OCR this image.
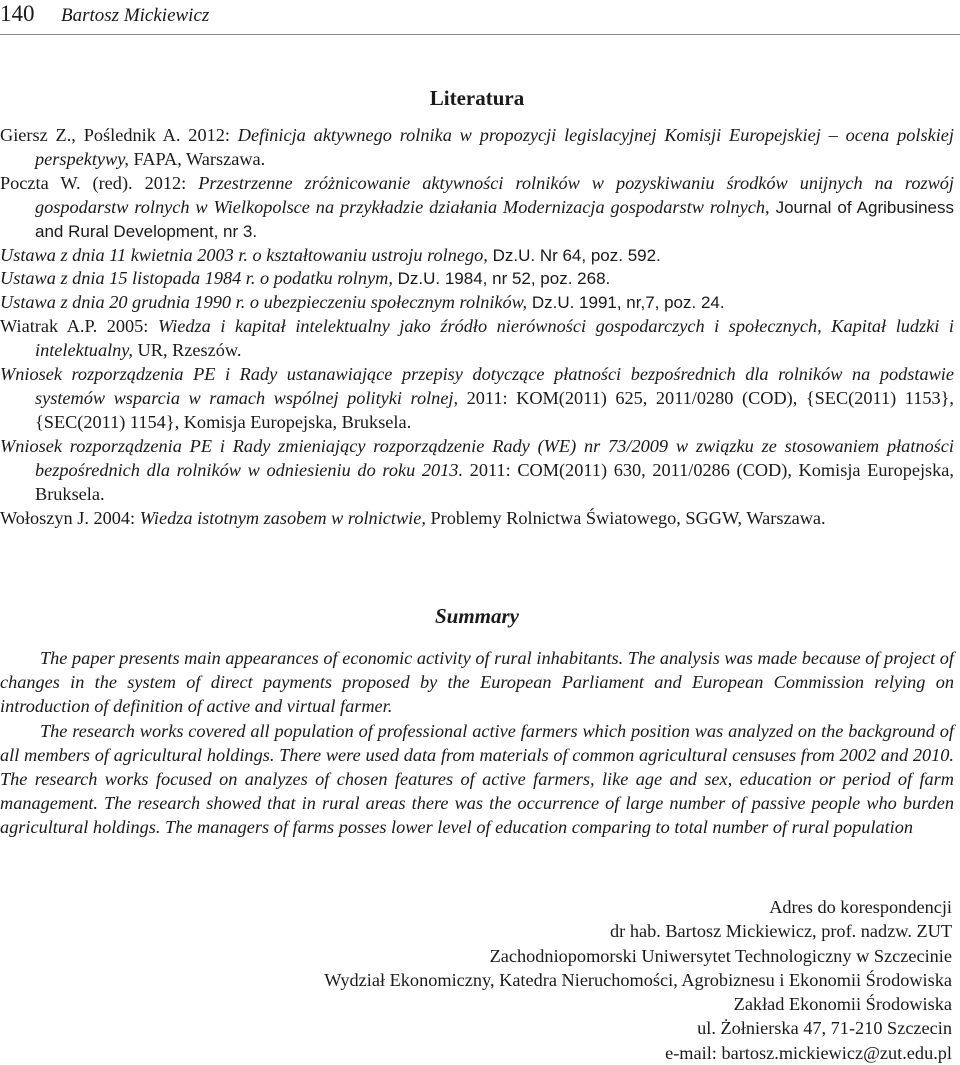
140 Bartosz Mickiewicz
Literatura

Giersz Z., Poślednik A. 2012: Definicja aktywnego rolnika w propozycji legislacyjnej Komisji Europejskiej – ocena polskiej perspektywy, FAPA, Warszawa.

Poczta W. (red). 2012: Przestrzenne zróżnicowanie aktywności rolników w pozyskiwaniu środków unijnych na rozwój gospodarstw rolnych w Wielkopolsce na przykładzie działania Modernizacja gospodarstw rolnych, Journal of Agribusiness and Rural Development, nr 3.

Ustawa z dnia 11 kwietnia 2003 r. o kształtowaniu ustroju rolnego, Dz.U. Nr 64, poz. 592.

Ustawa z dnia 15 listopada 1984 r. o podatku rolnym, Dz.U. 1984, nr 52, poz. 268.

Ustawa z dnia 20 grudnia 1990 r. o ubezpieczeniu społecznym rolników, Dz.U. 1991, nr,7, poz. 24.

Wiatrak A.P. 2005: Wiedza i kapitał intelektualny jako źródło nierówności gospodarczych i społecznych, Kapitał ludzki i intelektualny, UR, Rzeszów.

Wniosek rozporządzenia PE i Rady ustanawiające przepisy dotyczące płatności bezpośrednich dla rolników na podstawie systemów wsparcia w ramach wspólnej polityki rolnej, 2011: KOM(2011) 625, 2011/0280 (COD), {SEC(2011) 1153}, {SEC(2011) 1154}, Komisja Europejska, Bruksela.

Wniosek rozporządzenia PE i Rady zmieniający rozporządzenie Rady (WE) nr 73/2009 w związku ze stosowaniem płatności bezpośrednich dla rolników w odniesieniu do roku 2013. 2011: COM(2011) 630, 2011/0286 (COD), Komisja Europejska, Bruksela.

Wołoszyn J. 2004: Wiedza istotnym zasobem w rolnictwie, Problemy Rolnictwa Światowego, SGGW, Warszawa.

Summary

The paper presents main appearances of economic activity of rural inhabitants. The analysis was made because of project of changes in the system of direct payments proposed by the European Parliament and European Commission relying on introduction of definition of active and virtual farmer.

The research works covered all population of professional active farmers which position was analyzed on the background of all members of agricultural holdings. There were used data from materials of common agricultural censuses from 2002 and 2010. The research works focused on analyzes of chosen features of active farmers, like age and sex, education or period of farm management. The research showed that in rural areas there was the occurrence of large number of passive people who burden agricultural holdings. The managers of farms posses lower level of education comparing to total number of rural population

Adres do korespondencji
dr hab. Bartosz Mickiewicz, prof. nadzw. ZUT
Zachodniopomorski Uniwersytet Technologiczny w Szczecinie
Wydział Ekonomiczny, Katedra Nieruchomości, Agrobiznesu i Ekonomii Środowiska
Zakład Ekonomii Środowiska
ul. Żołnierska 47, 71-210 Szczecin
e-mail: bartosz.mickiewicz@zut.edu.pl
